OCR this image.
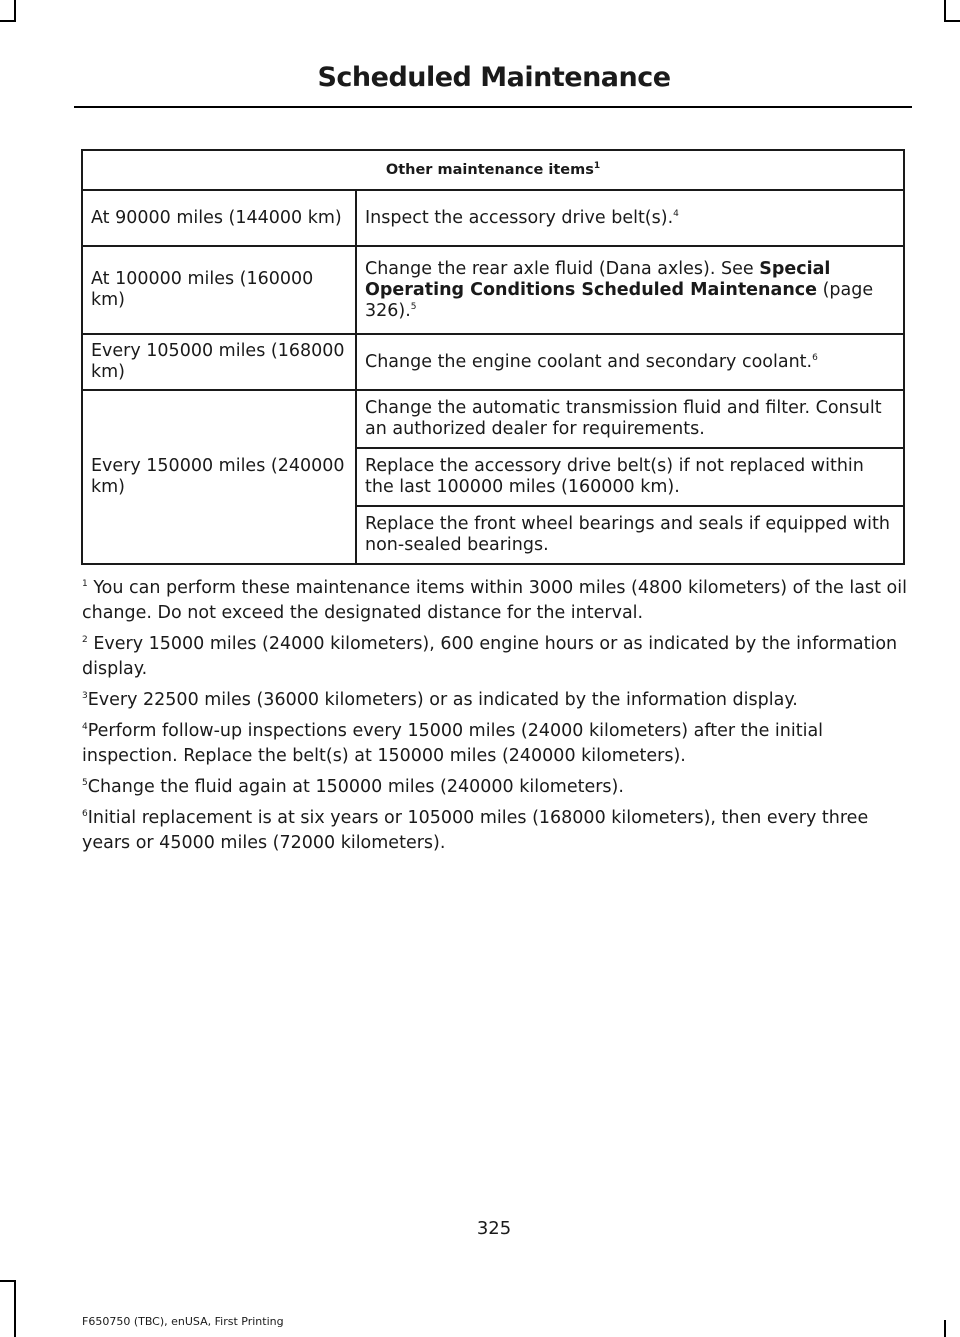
Scheduled Maintenance
Other maintenance items$^1$
At 90000 miles (144000 km)	Inspect the accessory drive belt(s).$^4$
At 100000 miles (160000 km)	Change the rear axle fluid (Dana axles). See Special Operating Conditions Scheduled Maintenance (page 326).$^5$
Every 105000 miles (168000 km)	Change the engine coolant and secondary coolant.$^6$
Every 150000 miles (240000 km)	Change the automatic transmission fluid and filter. Consult an authorized dealer for requirements.
	Replace the accessory drive belt(s) if not replaced within the last 100000 miles (160000 km).
	Replace the front wheel bearings and seals if equipped with non-sealed bearings.

$^1$ You can perform these maintenance items within 3000 miles (4800 kilometers) of the last oil change. Do not exceed the designated distance for the interval.

$^2$ Every 15000 miles (24000 kilometers), 600 engine hours or as indicated by the information display.

$^3$Every 22500 miles (36000 kilometers) or as indicated by the information display.

$^4$Perform follow-up inspections every 15000 miles (24000 kilometers) after the initial inspection. Replace the belt(s) at 150000 miles (240000 kilometers).

$^5$Change the fluid again at 150000 miles (240000 kilometers).

$^6$Initial replacement is at six years or 105000 miles (168000 kilometers), then every three years or 45000 miles (72000 kilometers).

325
F650750 (TBC), enUSA, First Printing
